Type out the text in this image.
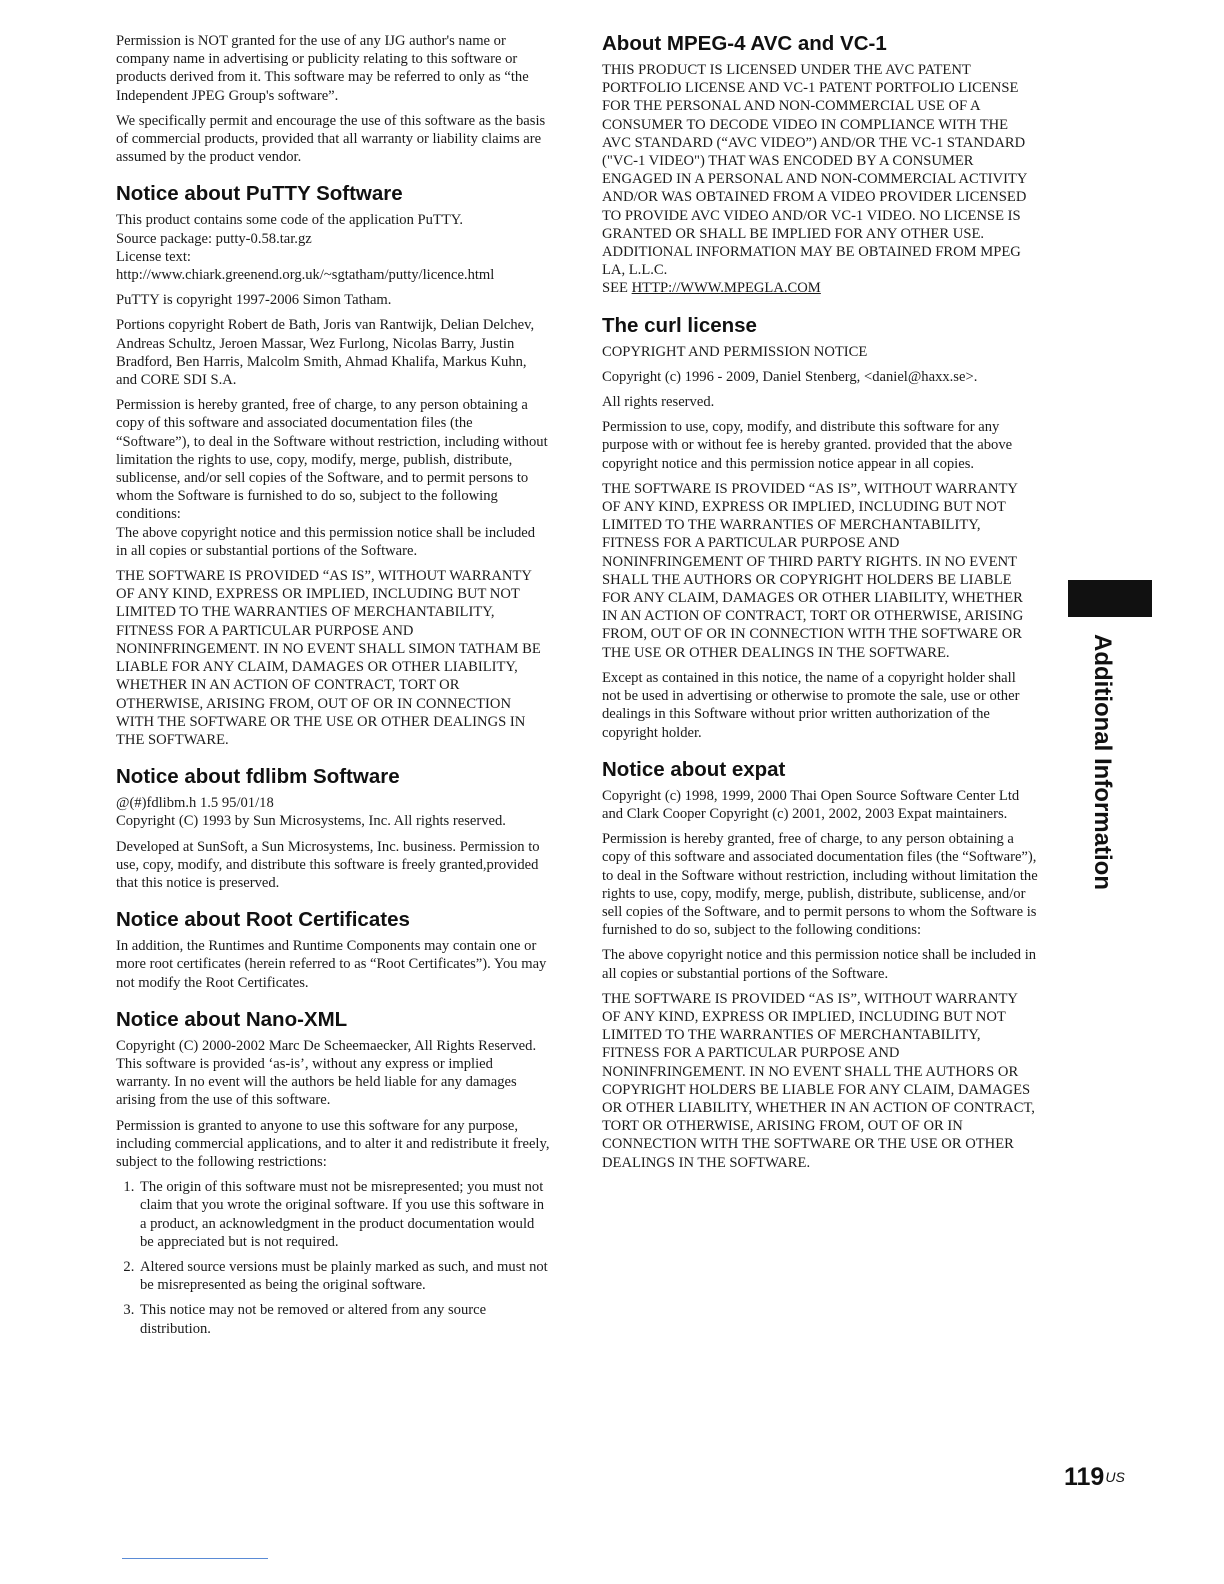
Permission is NOT granted for the use of any IJG author's name or company name in advertising or publicity relating to this software or products derived from it. This software may be referred to only as “the Independent JPEG Group's software”.

We specifically permit and encourage the use of this software as the basis of commercial products, provided that all warranty or liability claims are assumed by the product vendor.

Notice about PuTTY Software

This product contains some code of the application PuTTY.
Source package: putty-0.58.tar.gz
License text: http://www.chiark.greenend.org.uk/~sgtatham/putty/licence.html

PuTTY is copyright 1997-2006 Simon Tatham.

Portions copyright Robert de Bath, Joris van Rantwijk, Delian Delchev, Andreas Schultz, Jeroen Massar, Wez Furlong, Nicolas Barry, Justin Bradford, Ben Harris, Malcolm Smith, Ahmad Khalifa, Markus Kuhn, and CORE SDI S.A.

Permission is hereby granted, free of charge, to any person obtaining a copy of this software and associated documentation files (the “Software”), to deal in the Software without restriction, including without limitation the rights to use, copy, modify, merge, publish, distribute, sublicense, and/or sell copies of the Software, and to permit persons to whom the Software is furnished to do so, subject to the following conditions:
The above copyright notice and this permission notice shall be included in all copies or substantial portions of the Software.

THE SOFTWARE IS PROVIDED “AS IS”, WITHOUT WARRANTY OF ANY KIND, EXPRESS OR IMPLIED, INCLUDING BUT NOT LIMITED TO THE WARRANTIES OF MERCHANTABILITY, FITNESS FOR A PARTICULAR PURPOSE AND NONINFRINGEMENT. IN NO EVENT SHALL SIMON TATHAM BE LIABLE FOR ANY CLAIM, DAMAGES OR OTHER LIABILITY, WHETHER IN AN ACTION OF CONTRACT, TORT OR OTHERWISE, ARISING FROM, OUT OF OR IN CONNECTION WITH THE SOFTWARE OR THE USE OR OTHER DEALINGS IN THE SOFTWARE.

Notice about fdlibm Software

@(#)fdlibm.h 1.5 95/01/18
Copyright (C) 1993 by Sun Microsystems, Inc. All rights reserved.

Developed at SunSoft, a Sun Microsystems, Inc. business. Permission to use, copy, modify, and distribute this software is freely granted,provided that this notice is preserved.

Notice about Root Certificates

In addition, the Runtimes and Runtime Components may contain one or more root certificates (herein referred to as “Root Certificates”). You may not modify the Root Certificates.

Notice about Nano-XML

Copyright (C) 2000-2002 Marc De Scheemaecker, All Rights Reserved.
This software is provided ‘as-is’, without any express or implied warranty. In no event will the authors be held liable for any damages arising from the use of this software.

Permission is granted to anyone to use this software for any purpose, including commercial applications, and to alter it and redistribute it freely, subject to the following restrictions:

1. The origin of this software must not be misrepresented; you must not claim that you wrote the original software. If you use this software in a product, an acknowledgment in the product documentation would be appreciated but is not required.
2. Altered source versions must be plainly marked as such, and must not be misrepresented as being the original software.
3. This notice may not be removed or altered from any source distribution.
About MPEG-4 AVC and VC-1

THIS PRODUCT IS LICENSED UNDER THE AVC PATENT PORTFOLIO LICENSE AND VC-1 PATENT PORTFOLIO LICENSE FOR THE PERSONAL AND NON-COMMERCIAL USE OF A CONSUMER TO DECODE VIDEO IN COMPLIANCE WITH THE AVC STANDARD (“AVC VIDEO”) AND/OR THE VC-1 STANDARD ("VC-1 VIDEO") THAT WAS ENCODED BY A CONSUMER ENGAGED IN A PERSONAL AND NON-COMMERCIAL ACTIVITY AND/OR WAS OBTAINED FROM A VIDEO PROVIDER LICENSED TO PROVIDE AVC VIDEO AND/OR VC-1 VIDEO. NO LICENSE IS GRANTED OR SHALL BE IMPLIED FOR ANY OTHER USE. ADDITIONAL INFORMATION MAY BE OBTAINED FROM MPEG LA, L.L.C.
SEE HTTP://WWW.MPEGLA.COM

The curl license

COPYRIGHT AND PERMISSION NOTICE

Copyright (c) 1996 - 2009, Daniel Stenberg, <daniel@haxx.se>.

All rights reserved.

Permission to use, copy, modify, and distribute this software for any purpose with or without fee is hereby granted. provided that the above copyright notice and this permission notice appear in all copies.

THE SOFTWARE IS PROVIDED “AS IS”, WITHOUT WARRANTY OF ANY KIND, EXPRESS OR IMPLIED, INCLUDING BUT NOT LIMITED TO THE WARRANTIES OF MERCHANTABILITY, FITNESS FOR A PARTICULAR PURPOSE AND NONINFRINGEMENT OF THIRD PARTY RIGHTS. IN NO EVENT SHALL THE AUTHORS OR COPYRIGHT HOLDERS BE LIABLE FOR ANY CLAIM, DAMAGES OR OTHER LIABILITY, WHETHER IN AN ACTION OF CONTRACT, TORT OR OTHERWISE, ARISING FROM, OUT OF OR IN CONNECTION WITH THE SOFTWARE OR THE USE OR OTHER DEALINGS IN THE SOFTWARE.

Except as contained in this notice, the name of a copyright holder shall not be used in advertising or otherwise to promote the sale, use or other dealings in this Software without prior written authorization of the copyright holder.

Notice about expat

Copyright (c) 1998, 1999, 2000 Thai Open Source Software Center Ltd and Clark Cooper Copyright (c) 2001, 2002, 2003 Expat maintainers.

Permission is hereby granted, free of charge, to any person obtaining a copy of this software and associated documentation files (the “Software”), to deal in the Software without restriction, including without limitation the rights to use, copy, modify, merge, publish, distribute, sublicense, and/or sell copies of the Software, and to permit persons to whom the Software is furnished to do so, subject to the following conditions:

The above copyright notice and this permission notice shall be included in all copies or substantial portions of the Software.

THE SOFTWARE IS PROVIDED “AS IS”, WITHOUT WARRANTY OF ANY KIND, EXPRESS OR IMPLIED, INCLUDING BUT NOT LIMITED TO THE WARRANTIES OF MERCHANTABILITY, FITNESS FOR A PARTICULAR PURPOSE AND NONINFRINGEMENT. IN NO EVENT SHALL THE AUTHORS OR COPYRIGHT HOLDERS BE LIABLE FOR ANY CLAIM, DAMAGES OR OTHER LIABILITY, WHETHER IN AN ACTION OF CONTRACT, TORT OR OTHERWISE, ARISING FROM, OUT OF OR IN CONNECTION WITH THE SOFTWARE OR THE USE OR OTHER DEALINGS IN THE SOFTWARE.

Additional Information
$119^{US}$
